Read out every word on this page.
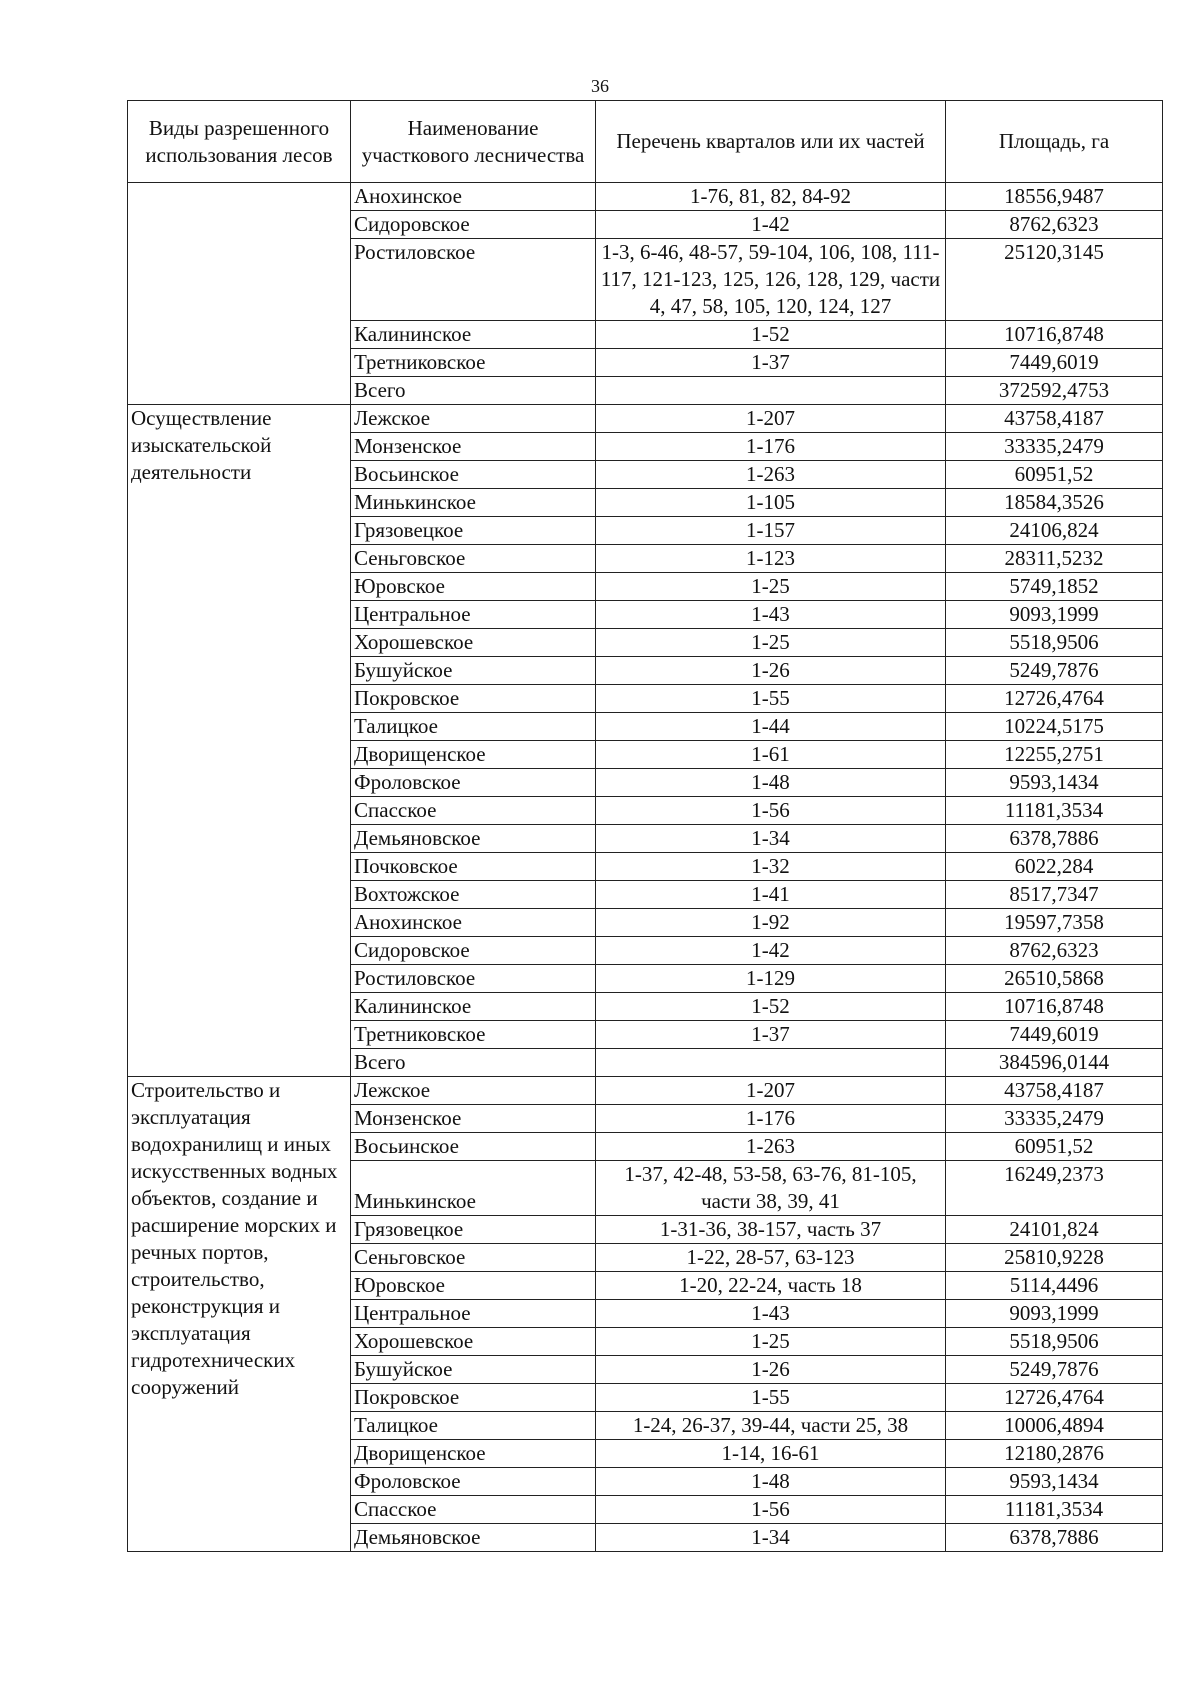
36
Виды разрешенного использования лесов	Наименование участкового лесничества	Перечень кварталов или их частей	Площадь, га
	Анохинское	1-76, 81, 82, 84-92	18556,9487
	Сидоровское	1-42	8762,6323
	Ростиловское	1-3, 6-46, 48-57, 59-104, 106, 108, 111-117, 121-123, 125, 126, 128, 129, части 4, 47, 58, 105, 120, 124, 127	25120,3145
	Калининское	1-52	10716,8748
	Третниковское	1-37	7449,6019
	Всего		372592,4753
Осуществление изыскательской деятельности	Лежское	1-207	43758,4187
	Монзенское	1-176	33335,2479
	Восьинское	1-263	60951,52
	Минькинское	1-105	18584,3526
	Грязовецкое	1-157	24106,824
	Сеньговское	1-123	28311,5232
	Юровское	1-25	5749,1852
	Центральное	1-43	9093,1999
	Хорошевское	1-25	5518,9506
	Бушуйское	1-26	5249,7876
	Покровское	1-55	12726,4764
	Талицкое	1-44	10224,5175
	Дворищенское	1-61	12255,2751
	Фроловское	1-48	9593,1434
	Спасское	1-56	11181,3534
	Демьяновское	1-34	6378,7886
	Почковское	1-32	6022,284
	Вохтожское	1-41	8517,7347
	Анохинское	1-92	19597,7358
	Сидоровское	1-42	8762,6323
	Ростиловское	1-129	26510,5868
	Калининское	1-52	10716,8748
	Третниковское	1-37	7449,6019
	Всего		384596,0144
Строительство и эксплуатация водохранилищ и иных искусственных водных объектов, создание и расширение морских и речных портов, строительство, реконструкция и эксплуатация гидротехнических сооружений	Лежское	1-207	43758,4187
	Монзенское	1-176	33335,2479
	Восьинское	1-263	60951,52
	Минькинское	1-37, 42-48, 53-58, 63-76, 81-105, части 38, 39, 41	16249,2373
	Грязовецкое	1-31-36, 38-157, часть 37	24101,824
	Сеньговское	1-22, 28-57, 63-123	25810,9228
	Юровское	1-20, 22-24, часть 18	5114,4496
	Центральное	1-43	9093,1999
	Хорошевское	1-25	5518,9506
	Бушуйское	1-26	5249,7876
	Покровское	1-55	12726,4764
	Талицкое	1-24, 26-37, 39-44, части 25, 38	10006,4894
	Дворищенское	1-14, 16-61	12180,2876
	Фроловское	1-48	9593,1434
	Спасское	1-56	11181,3534
	Демьяновское	1-34	6378,7886
